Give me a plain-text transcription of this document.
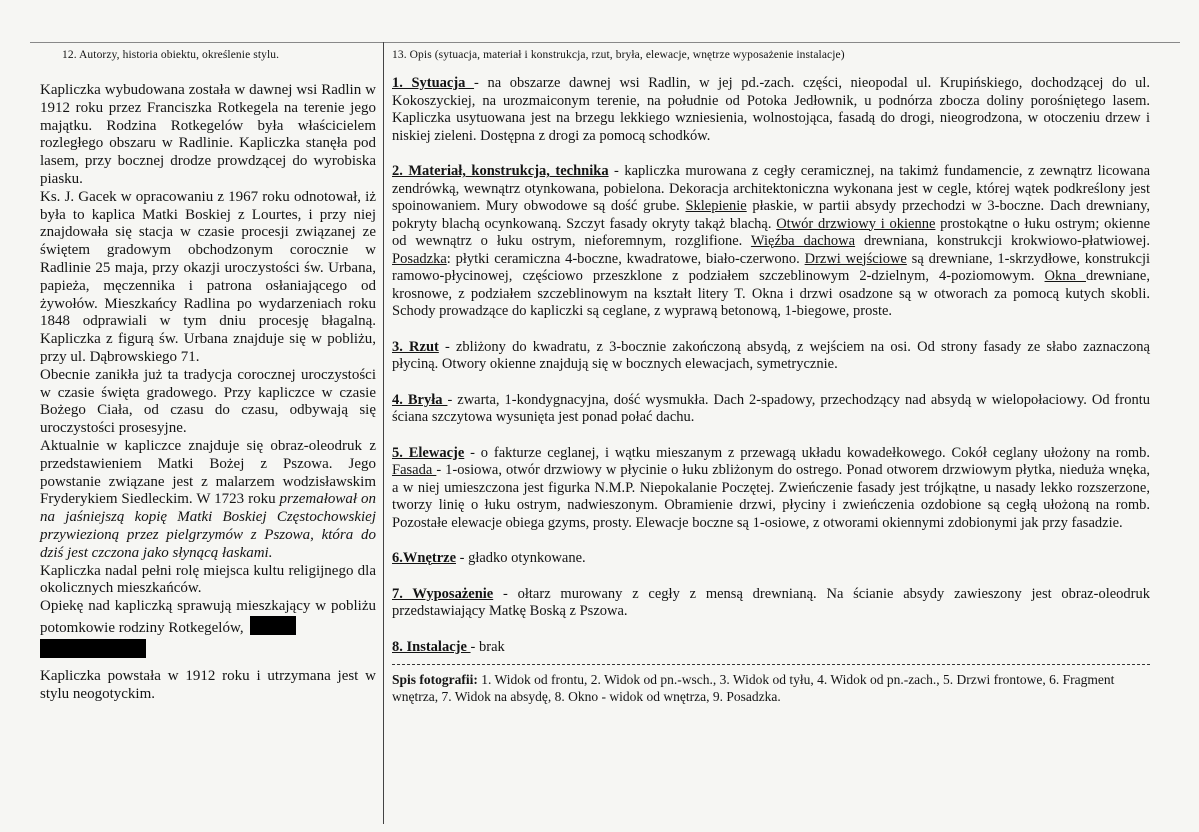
12. Autorzy, historia obiektu, określenie stylu.

Kapliczka wybudowana została w dawnej wsi Radlin w 1912 roku przez Franciszka Rotkegela na terenie jego majątku. Rodzina Rotkegelów była właścicielem rozległego obszaru w Radlinie. Kapliczka stanęła pod lasem, przy bocznej drodze prowdzącej do wyrobiska piasku.

Ks. J. Gacek w opracowaniu z 1967 roku odnotował, iż była to kaplica Matki Boskiej z Lourtes, i przy niej znajdowała się stacja w czasie procesji związanej ze świętem gradowym obchodzonym corocznie w Radlinie 25 maja, przy okazji uroczystości św. Urbana, papieża, męczennika i patrona osłaniającego od żywołów. Mieszkańcy Radlina po wydarzeniach roku 1848 odprawiali w tym dniu procesję błagalną. Kapliczka z figurą św. Urbana znajduje się w pobliżu, przy ul. Dąbrowskiego 71.

Obecnie zanikła już ta tradycja corocznej uroczystości w czasie święta gradowego. Przy kapliczce w czasie Bożego Ciała, od czasu do czasu, odbywają się uroczystości prosesyjne.

Aktualnie w kapliczce znajduje się obraz-oleodruk z przedstawieniem Matki Bożej z Pszowa. Jego powstanie związane jest z malarzem wodzisławskim Fryderykiem Siedleckim. W 1723 roku przemałował on na jaśniejszą kopię Matki Boskiej Częstochowskiej przywiezioną przez pielgrzymów z Pszowa, która do dziś jest czczona jako słynącą łaskami.

Kapliczka nadal pełni rolę miejsca kultu religijnego dla okolicznych mieszkańców.

Opiekę nad kapliczką sprawują mieszkający w pobliżu potomkowie rodziny Rotkegelów,

Kapliczka powstała w 1912 roku i utrzymana jest w stylu neogotyckim.

13. Opis (sytuacja, materiał i konstrukcja, rzut, bryła, elewacje, wnętrze wyposażenie instalacje)

1. Sytuacja - na obszarze dawnej wsi Radlin, w jej pd.-zach. części, nieopodal ul. Krupińskiego, dochodzącej do ul. Kokoszyckiej, na urozmaiconym terenie, na południe od Potoka Jedłownik, u podnórza zbocza doliny porośniętego lasem. Kapliczka usytuowana jest na brzegu lekkiego wzniesienia, wolnostojąca, fasadą do drogi, nieogrodzona, w otoczeniu drzew i niskiej zieleni. Dostępna z drogi za pomocą schodków.

2. Materiał, konstrukcja, technika - kapliczka murowana z cegły ceramicznej, na takimż fundamencie, z zewnątrz licowana zendrówką, wewnątrz otynkowana, pobielona. Dekoracja architektoniczna wykonana jest w cegle, której wątek podkreślony jest spoinowaniem. Mury obwodowe są dość grube. Sklepienie płaskie, w partii absydy przechodzi w 3-boczne. Dach drewniany, pokryty blachą ocynkowaną. Szczyt fasady okryty takąż blachą. Otwór drzwiowy i okienne prostokątne o łuku ostrym; okienne od wewnątrz o łuku ostrym, nieforemnym, rozglifione. Więźba dachowa drewniana, konstrukcji krokwiowo-płatwiowej. Posadzka: płytki ceramiczna 4-boczne, kwadratowe, biało-czerwono. Drzwi wejściowe są drewniane, 1-skrzydłowe, konstrukcji ramowo-płycinowej, częściowo przeszklone z podziałem szczeblinowym 2-dzielnym, 4-poziomowym. Okna drewniane, krosnowe, z podziałem szczeblinowym na kształt litery T. Okna i drzwi osadzone są w otworach za pomocą kutych skobli. Schody prowadzące do kapliczki są ceglane, z wyprawą betonową, 1-biegowe, proste.

3. Rzut - zbliżony do kwadratu, z 3-bocznie zakończoną absydą, z wejściem na osi. Od strony fasady ze słabo zaznaczoną płyciną. Otwory okienne znajdują się w bocznych elewacjach, symetrycznie.

4. Bryła - zwarta, 1-kondygnacyjna, dość wysmukła. Dach 2-spadowy, przechodzący nad absydą w wielopołaciowy. Od frontu ściana szczytowa wysunięta jest ponad połać dachu.

5. Elewacje - o fakturze ceglanej, i wątku mieszanym z przewagą układu kowadełkowego. Cokół ceglany ułożony na romb. Fasada - 1-osiowa, otwór drzwiowy w płycinie o łuku zbliżonym do ostrego. Ponad otworem drzwiowym płytka, nieduża wnęka, a w niej umieszczona jest figurka N.M.P. Niepokalanie Poczętej. Zwieńczenie fasady jest trójkątne, u nasady lekko rozszerzone, tworzy linię o łuku ostrym, nadwieszonym. Obramienie drzwi, płyciny i zwieńczenia ozdobione są cegłą ułożoną na romb. Pozostałe elewacje obiega gzyms, prosty. Elewacje boczne są 1-osiowe, z otworami okiennymi zdobionymi jak przy fasadzie.

6.Wnętrze - gładko otynkowane.

7. Wyposażenie - ołtarz murowany z cegły z mensą drewnianą. Na ścianie absydy zawieszony jest obraz-oleodruk przedstawiający Matkę Boską z Pszowa.

8. Instalacje - brak

Spis fotografii: 1. Widok od frontu, 2. Widok od pn.-wsch., 3. Widok od tyłu, 4. Widok od pn.-zach., 5. Drzwi frontowe, 6. Fragment wnętrza, 7. Widok na absydę, 8. Okno - widok od wnętrza, 9. Posadzka.
